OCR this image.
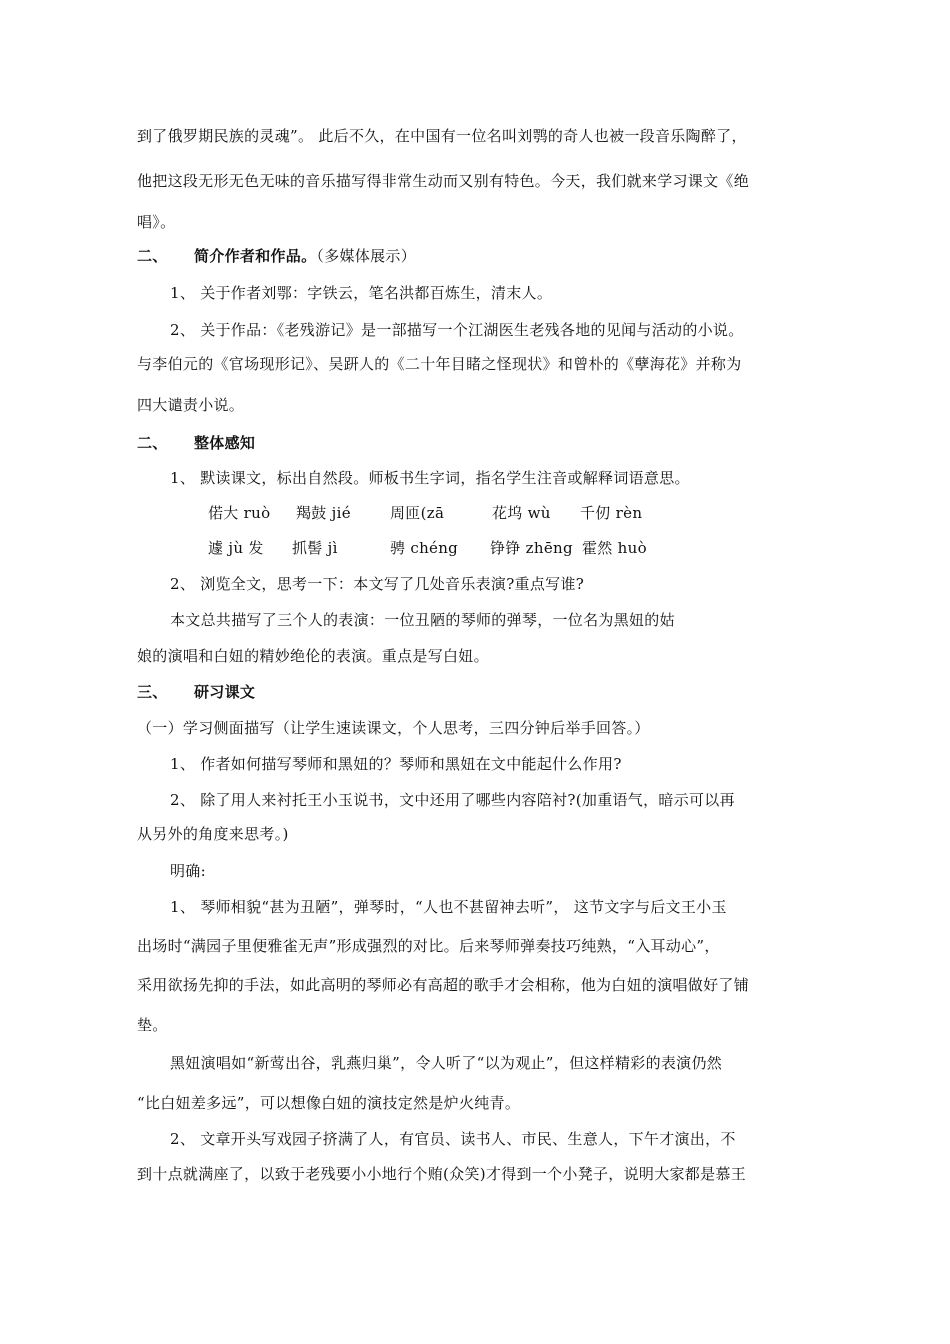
到了俄罗期民族的灵魂”。 此后不久，在中国有一位名叫刘鹗的奇人也被一段音乐陶醉了，
他把这段无形无色无味的音乐描写得非常生动而又别有特色。今天，我们就来学习课文《绝
唱》。
二、 简介作者和作品。（多媒体展示）
1、 关于作者刘鄂：字铁云，笔名洪都百炼生，清末人。
2、 关于作品：《老残游记》是一部描写一个江湖医生老残各地的见闻与活动的小说。
与李伯元的《官场现形记》、吴趼人的《二十年目睹之怪现状》和曾朴的《孽海花》并称为
四大谴责小说。
二、 整体感知
1、 默读课文，标出自然段。师板书生字词，指名学生注音或解释词语意思。
偌大 ruò 羯鼓 jié	周匝(zā	花坞 wù 千仞 rèn
遽 jù 发 抓髻 jì	骋 chéng 铮铮 zhēng 霍然 huò
2、 浏览全文，思考一下：本文写了几处音乐表演?重点写谁?
本文总共描写了三个人的表演：一位丑陋的琴师的弹琴，一位名为黑妞的姑
娘的演唱和白妞的精妙绝伦的表演。重点是写白妞。
三、 研习课文
（一）学习侧面描写（让学生速读课文，个人思考，三四分钟后举手回答。）
1、 作者如何描写琴师和黑妞的？琴师和黑妞在文中能起什么作用?
2、 除了用人来衬托王小玉说书，文中还用了哪些内容陪衬?(加重语气，暗示可以再
从另外的角度来思考。)
明确:
1、 琴师相貌“甚为丑陋”，弹琴时，“人也不甚留神去听”， 这节文字与后文王小玉
出场时“满园子里便雅雀无声”形成强烈的对比。后来琴师弹奏技巧纯熟，“入耳动心”，
采用欲扬先抑的手法，如此高明的琴师必有高超的歌手才会相称，他为白妞的演唱做好了铺
垫。
黑妞演唱如“新莺出谷，乳燕归巢”，令人听了“以为观止”，但这样精彩的表演仍然
“比白妞差多远”，可以想像白妞的演技定然是炉火纯青。
2、 文章开头写戏园子挤满了人，有官员、读书人、市民、生意人，下午才演出，不
到十点就满座了，以致于老残要小小地行个贿(众笑)才得到一个小凳子，说明大家都是慕王
